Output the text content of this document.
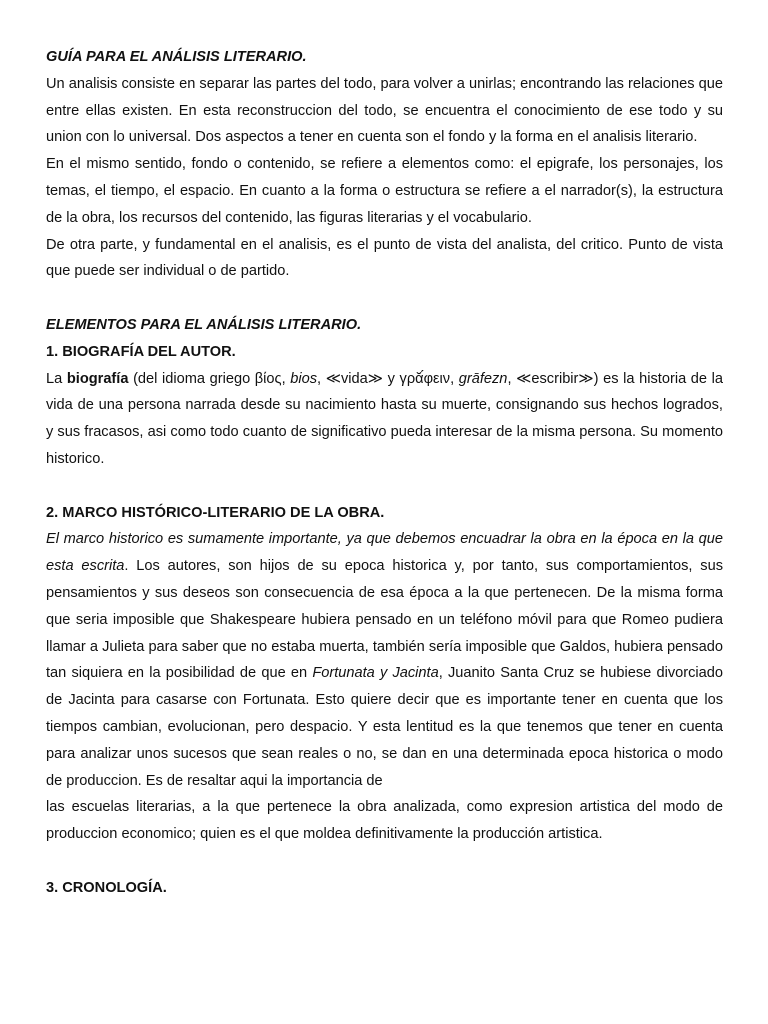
GUÍA PARA EL ANÁLISIS LITERARIO.

Un analisis consiste en separar las partes del todo, para volver a unirlas; encontrando las relaciones que entre ellas existen. En esta reconstruccion del todo, se encuentra el conocimiento de ese todo y su union con lo universal. Dos aspectos a tener en cuenta son el fondo y la forma en el analisis literario.

En el mismo sentido, fondo o contenido, se refiere a elementos como: el epigrafe, los personajes, los temas, el tiempo, el espacio. En cuanto a la forma o estructura se refiere a el narrador(s), la estructura de la obra, los recursos del contenido, las figuras literarias y el vocabulario.

De otra parte, y fundamental en el analisis, es el punto de vista del analista, del critico. Punto de vista que puede ser individual o de partido.

ELEMENTOS PARA EL ANÁLISIS LITERARIO.

1. BIOGRAFÍA DEL AUTOR.

La biografía (del idioma griego βίος, bios, ≪vida≫ y γρᾰ́φειν, grāfezn, ≪escribir≫) es la historia de la vida de una persona narrada desde su nacimiento hasta su muerte, consignando sus hechos logrados, y sus fracasos, asi como todo cuanto de significativo pueda interesar de la misma persona. Su momento historico.

2. MARCO HISTÓRICO-LITERARIO DE LA OBRA.

El marco historico es sumamente importante, ya que debemos encuadrar la obra en la época en la que esta escrita. Los autores, son hijos de su epoca historica y, por tanto, sus comportamientos, sus pensamientos y sus deseos son consecuencia de esa época a la que pertenecen. De la misma forma que seria imposible que Shakespeare hubiera pensado en un teléfono móvil para que Romeo pudiera llamar a Julieta para saber que no estaba muerta, también sería imposible que Galdos, hubiera pensado tan siquiera en la posibilidad de que en Fortunata y Jacinta, Juanito Santa Cruz se hubiese divorciado de Jacinta para casarse con Fortunata. Esto quiere decir que es importante tener en cuenta que los tiempos cambian, evolucionan, pero despacio. Y esta lentitud es la que tenemos que tener en cuenta para analizar unos sucesos que sean reales o no, se dan en una determinada epoca historica o modo de produccion. Es de resaltar aqui la importancia de

las escuelas literarias, a la que pertenece la obra analizada, como expresion artistica del modo de produccion economico; quien es el que moldea definitivamente la producción artistica.

3. CRONOLOGÍA.
